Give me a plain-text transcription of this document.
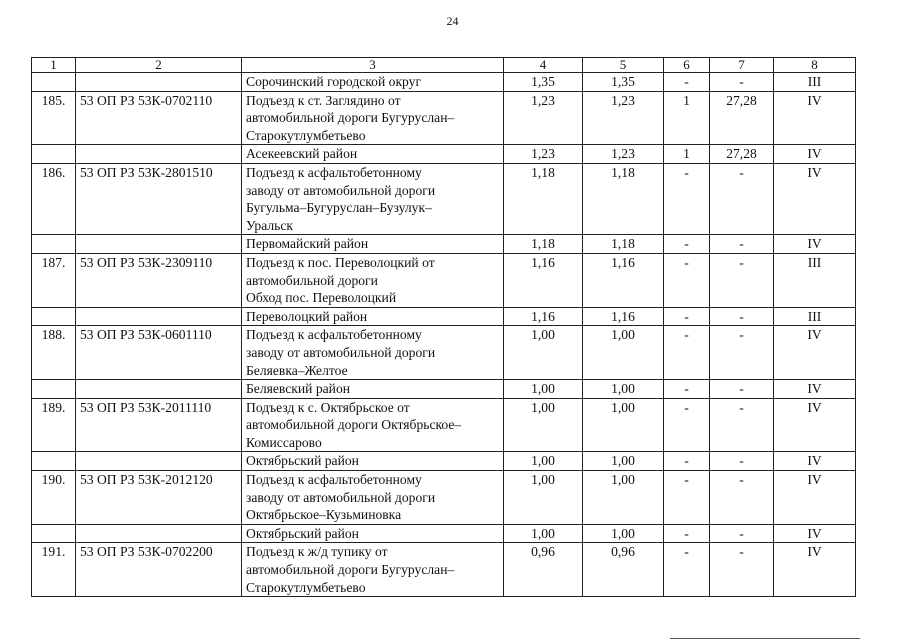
24
1	2	3	4	5	6	7	8
		Сорочинский городской округ	1,35	1,35	-	-	III
185.	53 ОП РЗ 53К-0702110	Подъезд к ст. Заглядино от
автомобильной дороги Бугуруслан–
Старокутлумбетьево	1,23	1,23	1	27,28	IV
		Асекеевский район	1,23	1,23	1	27,28	IV
186.	53 ОП РЗ 53К-2801510	Подъезд к асфальтобетонному
заводу от автомобильной дороги
Бугульма–Бугуруслан–Бузулук–
Уральск	1,18	1,18	-	-	IV
		Первомайский район	1,18	1,18	-	-	IV
187.	53 ОП РЗ 53К-2309110	Подъезд к пос. Переволоцкий от
автомобильной дороги
Обход пос. Переволоцкий	1,16	1,16	-	-	III
		Переволоцкий район	1,16	1,16	-	-	III
188.	53 ОП РЗ 53К-0601110	Подъезд к асфальтобетонному
заводу от автомобильной дороги
Беляевка–Желтое	1,00	1,00	-	-	IV
		Беляевский район	1,00	1,00	-	-	IV
189.	53 ОП РЗ 53К-2011110	Подъезд к с. Октябрьское от
автомобильной дороги Октябрьское–
Комиссарово	1,00	1,00	-	-	IV
		Октябрьский район	1,00	1,00	-	-	IV
190.	53 ОП РЗ 53К-2012120	Подъезд к асфальтобетонному
заводу от автомобильной дороги
Октябрьское–Кузьминовка	1,00	1,00	-	-	IV
		Октябрьский район	1,00	1,00	-	-	IV
191.	53 ОП РЗ 53К-0702200	Подъезд к ж/д тупику от
автомобильной дороги Бугуруслан–
Старокутлумбетьево	0,96	0,96	-	-	IV
